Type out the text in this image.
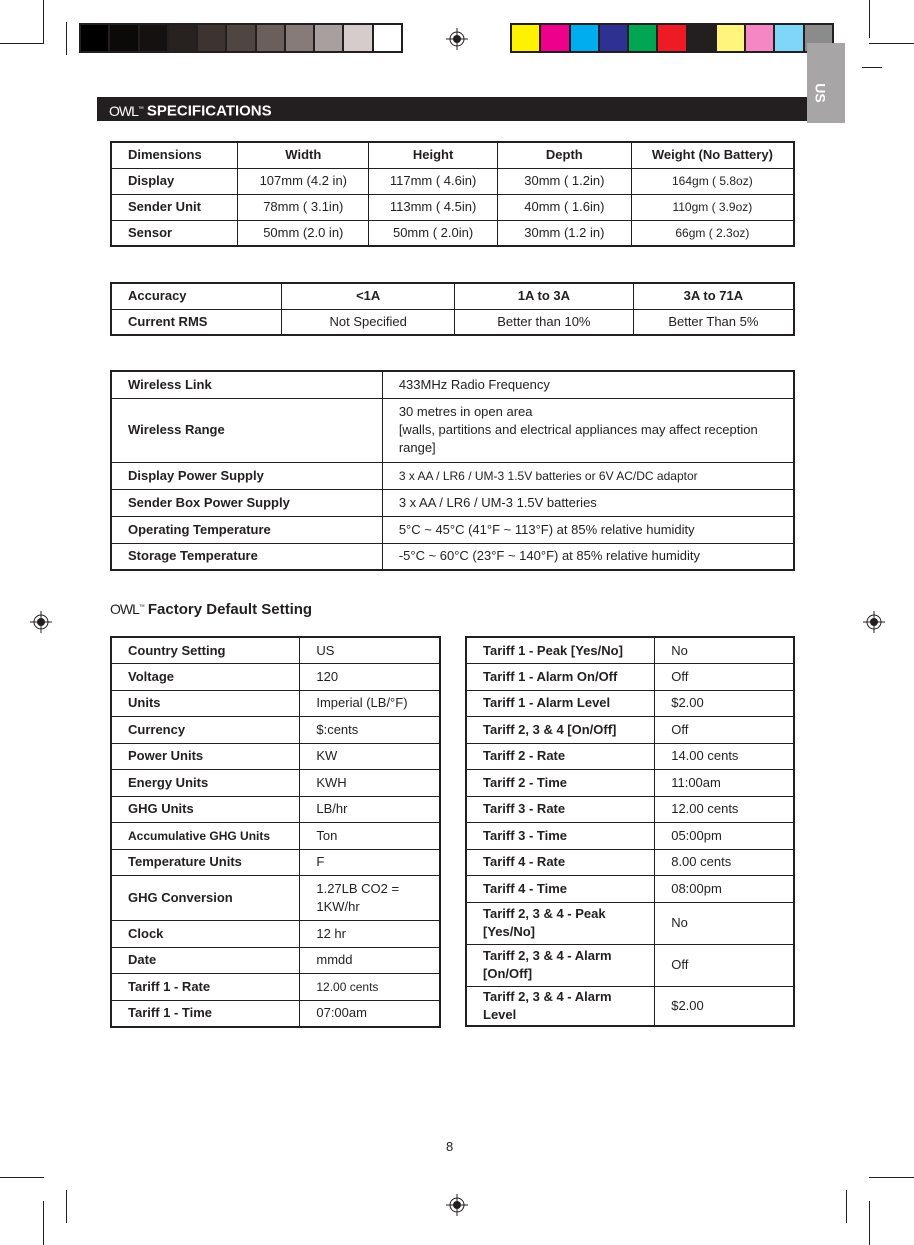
US
OWL™ SPECIFICATIONS
Dimensions	Width	Height	Depth	Weight (No Battery)
Display	107mm (4.2 in)	117mm ( 4.6in)	30mm ( 1.2in)	164gm ( 5.8oz)
Sender Unit	78mm ( 3.1in)	113mm ( 4.5in)	40mm ( 1.6in)	110gm ( 3.9oz)
Sensor	50mm (2.0 in)	50mm ( 2.0in)	30mm (1.2 in)	66gm ( 2.3oz)
Accuracy	<1A	1A to 3A	3A to 71A
Current RMS	Not Specified	Better than 10%	Better Than 5%
Wireless Link	433MHz Radio Frequency
Wireless Range	30 metres in open area
[walls, partitions and electrical appliances may affect reception range]
Display Power Supply	3 x AA / LR6 / UM-3 1.5V batteries or 6V AC/DC adaptor
Sender Box Power Supply	3 x AA / LR6 / UM-3 1.5V batteries
Operating Temperature	5°C ~ 45°C (41°F ~ 113°F) at 85% relative humidity
Storage Temperature	-5°C ~ 60°C (23°F ~ 140°F) at 85% relative humidity
OWL™ Factory Default Setting
Country Setting	US
Voltage	120
Units	Imperial (LB/°F)
Currency	$:cents
Power Units	KW
Energy Units	KWH
GHG Units	LB/hr
Accumulative GHG Units	Ton
Temperature Units	F
GHG Conversion	1.27LB CO2 = 1KW/hr
Clock	12 hr
Date	mmdd
Tariff 1 - Rate	12.00 cents
Tariff 1 - Time	07:00am
Tariff 1 - Peak [Yes/No]	No
Tariff 1 - Alarm On/Off	Off
Tariff 1 - Alarm Level	$2.00
Tariff 2, 3 & 4 [On/Off]	Off
Tariff 2 - Rate	14.00 cents
Tariff 2 - Time	11:00am
Tariff 3 - Rate	12.00 cents
Tariff 3 - Time	05:00pm
Tariff 4 - Rate	8.00 cents
Tariff 4 - Time	08:00pm
Tariff 2, 3 & 4 - Peak [Yes/No]	No
Tariff 2, 3 & 4 - Alarm [On/Off]	Off
Tariff 2, 3 & 4 - Alarm Level	$2.00
8
